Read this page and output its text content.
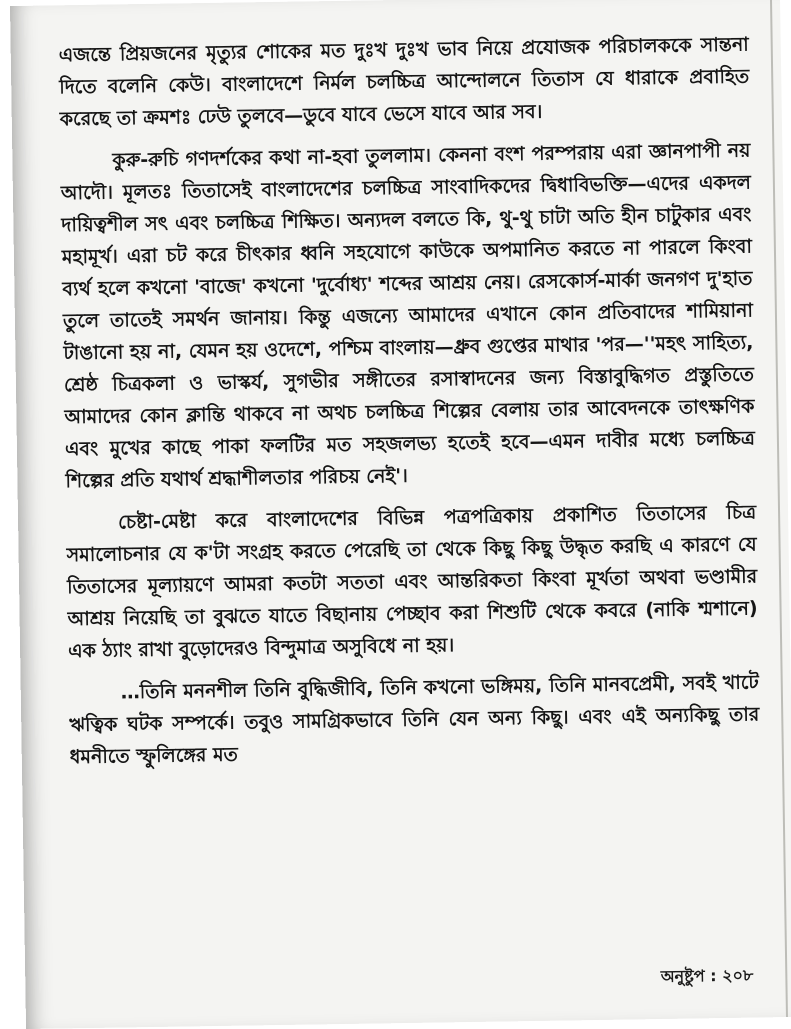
এজন্তে প্রিয়জনের মৃত্যুর শোকের মত দুঃখ দুঃখ ভাব নিয়ে প্রযোজক পরিচালককে সান্তনা দিতে বলেনি কেউ। বাংলাদেশে নির্মল চলচ্চিত্র আন্দোলনে তিতাস যে ধারাকে প্রবাহিত করেছে তা ক্রমশঃ ঢেউ তুলবে—ডুবে যাবে ভেসে যাবে আর সব।

কুরু-রুচি গণদর্শকের কথা না-হবা তুললাম। কেননা বংশ পরম্পরায় এরা জ্ঞানপাপী নয় আদৌ। মূলতঃ তিতাসেই বাংলাদেশের চলচ্চিত্র সাংবাদিকদের দ্বিধাবিভক্তি—এদের একদল দায়িত্বশীল সৎ এবং চলচ্চিত্র শিক্ষিত। অন্যদল বলতে কি, থু-থু চাটা অতি হীন চাটুকার এবং মহামূর্খ। এরা চট করে চীৎকার ধ্বনি সহযোগে কাউকে অপমানিত করতে না পারলে কিংবা ব্যর্থ হলে কখনো 'বাজে' কখনো 'দুর্বোধ্য' শব্দের আশ্রয় নেয়। রেসকোর্স-মার্কা জনগণ দু'হাত তুলে তাতেই সমর্থন জানায়। কিন্তু এজন্যে আমাদের এখানে কোন প্রতিবাদের শামিয়ানা টাঙানো হয় না, যেমন হয় ওদেশে, পশ্চিম বাংলায়—ধ্রুব গুপ্তের মাথার 'পর—''মহৎ সাহিত্য, শ্রেষ্ঠ চিত্রকলা ও ভাস্কর্য, সুগভীর সঙ্গীতের রসাস্বাদনের জন্য বিস্তাবুদ্ধিগত প্রস্তুতিতে আমাদের কোন ক্লান্তি থাকবে না অথচ চলচ্চিত্র শিল্পের বেলায় তার আবেদনকে তাৎক্ষণিক এবং মুখের কাছে পাকা ফলটির মত সহজলভ্য হতেই হবে—এমন দাবীর মধ্যে চলচ্চিত্র শিল্পের প্রতি যথার্থ শ্রদ্ধাশীলতার পরিচয় নেই'।

চেষ্টা-মেষ্টা করে বাংলাদেশের বিভিন্ন পত্রপত্রিকায় প্রকাশিত তিতাসের চিত্র সমালোচনার যে ক'টা সংগ্রহ করতে পেরেছি তা থেকে কিছু কিছু উদ্ধৃত করছি এ কারণে যে তিতাসের মূল্যায়ণে আমরা কতটা সততা এবং আন্তরিকতা কিংবা মূর্খতা অথবা ভণ্ডামীর আশ্রয় নিয়েছি তা বুঝতে যাতে বিছানায় পেচ্ছাব করা শিশুটি থেকে কবরে (নাকি শ্মশানে) এক ঠ্যাং রাখা বুড়োদেরও বিন্দুমাত্র অসুবিধে না হয়।

…তিনি মননশীল তিনি বুদ্ধিজীবি, তিনি কখনো ভঙ্গিময়, তিনি মানবপ্রেমী, সবই খাটে ঋত্বিক ঘটক সম্পর্কে। তবুও সামগ্রিকভাবে তিনি যেন অন্য কিছু। এবং এই অন্যকিছু তার ধমনীতে স্ফুলিঙ্গের মত

অনুষ্টুপ : ২০৮
